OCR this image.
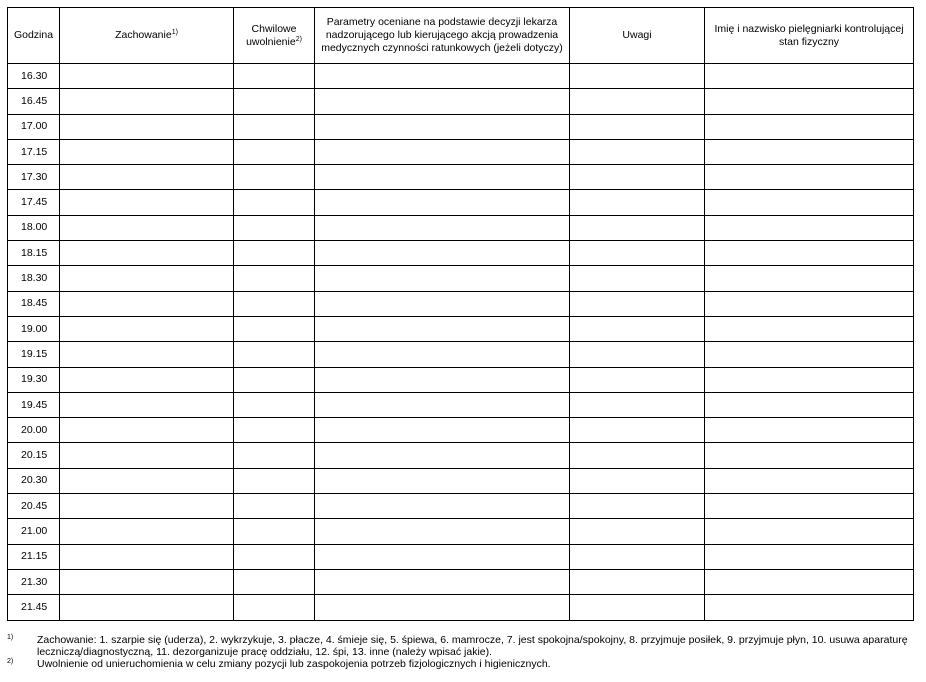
Godzina	Zachowanie$^{1)}$	Chwilowe uwolnienie$^{2)}$	Parametry oceniane na podstawie decyzji lekarza nadzorującego lub kierującego akcją prowadzenia medycznych czynności ratunkowych (jeżeli dotyczy)	Uwagi	Imię i nazwisko pielęgniarki kontrolującej stan fizyczny
16.30					
16.45					
17.00					
17.15					
17.30					
17.45					
18.00					
18.15					
18.30					
18.45					
19.00					
19.15					
19.30					
19.45					
20.00					
20.15					
20.30					
20.45					
21.00					
21.15					
21.30					
21.45					
1)	Zachowanie: 1. szarpie się (uderza), 2. wykrzykuje, 3. płacze, 4. śmieje się, 5. śpiewa, 6. mamrocze, 7. jest spokojna/spokojny, 8. przyjmuje posiłek, 9. przyjmuje płyn, 10. usuwa aparaturę leczniczą/diagnostyczną, 11. dezorganizuje pracę oddziału, 12. śpi, 13. inne (należy wpisać jakie).
2)	Uwolnienie od unieruchomienia w celu zmiany pozycji lub zaspokojenia potrzeb fizjologicznych i higienicznych.
